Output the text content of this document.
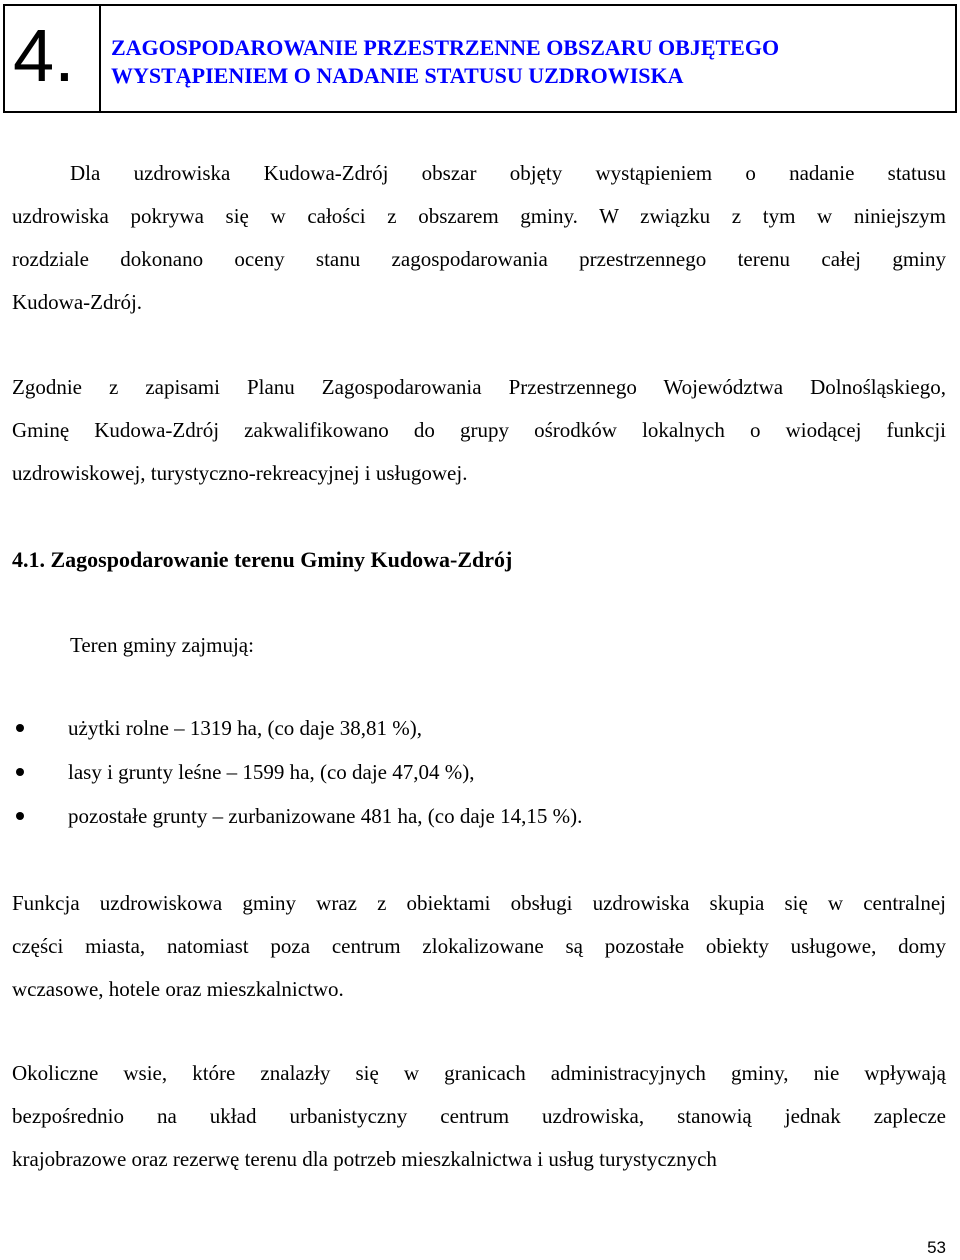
4.	ZAGOSPODAROWANIE PRZESTRZENNE OBSZARU OBJĘTEGO
WYSTĄPIENIEM O NADANIE STATUSU UZDROWISKA

Dla uzdrowiska Kudowa-Zdrój obszar objęty wystąpieniem o nadanie statusu
uzdrowiska pokrywa się w całości z obszarem gminy. W związku z tym w niniejszym
rozdziale dokonano oceny stanu zagospodarowania przestrzennego terenu całej gminy
Kudowa-Zdrój.

Zgodnie z zapisami Planu Zagospodarowania Przestrzennego Województwa Dolnośląskiego,
Gminę Kudowa-Zdrój zakwalifikowano do grupy ośrodków lokalnych o wiodącej funkcji
uzdrowiskowej, turystyczno-rekreacyjnej i usługowej.

4.1. Zagospodarowanie terenu Gminy Kudowa-Zdrój

Teren gminy zajmują:

użytki rolne – 1319 ha, (co daje 38,81 %),
lasy i grunty leśne – 1599 ha, (co daje 47,04 %),
pozostałe grunty – zurbanizowane 481 ha, (co daje 14,15 %).

Funkcja uzdrowiskowa gminy wraz z obiektami obsługi uzdrowiska skupia się w centralnej
części miasta, natomiast poza centrum zlokalizowane są pozostałe obiekty usługowe, domy
wczasowe, hotele oraz mieszkalnictwo.

Okoliczne wsie, które znalazły się w granicach administracyjnych gminy, nie wpływają
bezpośrednio na układ urbanistyczny centrum uzdrowiska, stanowią jednak zaplecze
krajobrazowe oraz rezerwę terenu dla potrzeb mieszkalnictwa i usług turystycznych

53
